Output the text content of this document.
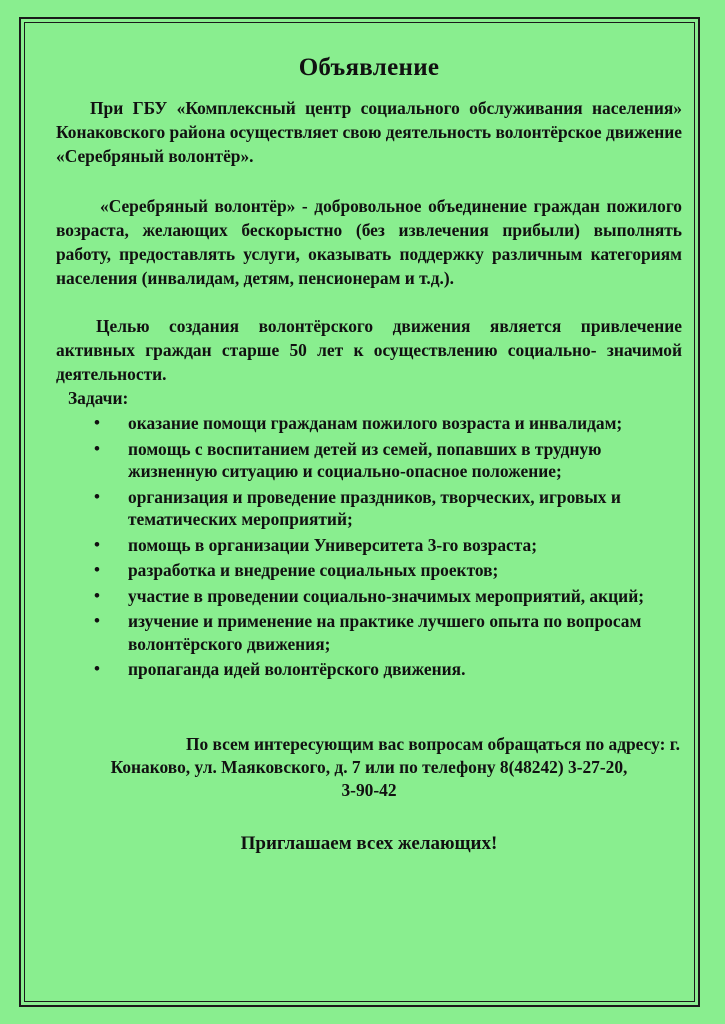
Объявление

При ГБУ «Комплексный центр социального обслуживания населения» Конаковского района осуществляет свою деятельность волонтёрское движение «Серебряный волонтёр».

«Серебряный волонтёр» - добровольное объединение граждан пожилого возраста, желающих бескорыстно (без извлечения прибыли) выполнять работу, предоставлять услуги, оказывать поддержку различным категориям населения (инвалидам, детям, пенсионерам и т.д.).

Целью создания волонтёрского движения является привлечение активных граждан старше 50 лет к осуществлению социально- значимой деятельности.

Задачи:
• оказание помощи гражданам пожилого возраста и инвалидам;
• помощь с воспитанием детей из семей, попавших в трудную жизненную ситуацию и социально-опасное положение;
• организация и проведение праздников, творческих, игровых и тематических мероприятий;
• помощь в организации Университета 3-го возраста;
• разработка и внедрение социальных проектов;
• участие в проведении социально-значимых мероприятий, акций;
• изучение и применение на практике лучшего опыта по вопросам волонтёрского движения;
• пропаганда идей волонтёрского движения.
По всем интересующим вас вопросам обращаться по адресу: г.
Конаково, ул. Маяковского, д. 7 или по телефону 8(48242) 3-27-20,
3-90-42
Приглашаем всех желающих!
